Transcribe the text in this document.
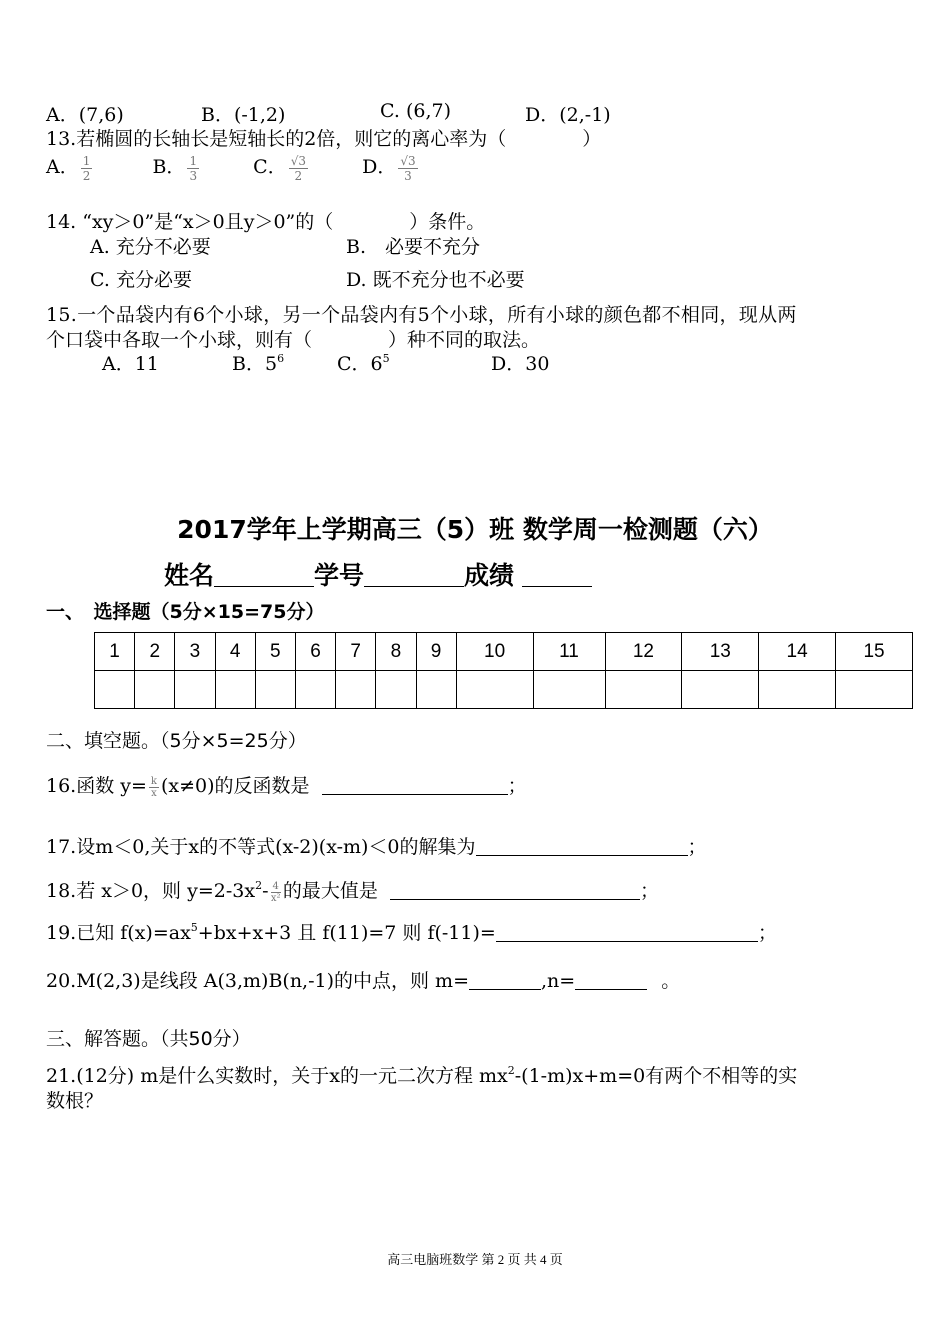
A．(7,6)	B．(-1,2)	C. (6,7)	D．(2,-1)
13.若椭圆的长轴长是短轴长的2倍，则它的离心率为（　　　　）
A． $\frac{1}{2}$	B． $\frac{1}{3}$	C． $\frac{√3}{2}$	D． $\frac{√3}{3}$
14. “xy＞0”是“x＞0且y＞0”的（　　　　）条件。
A. 充分不必要	B.　必要不充分
C. 充分必要	D. 既不充分也不必要
15.一个品袋内有6个小球，另一个品袋内有5个小球，所有小球的颜色都不相同，现从两
个口袋中各取一个小球，则有（　　　　）种不同的取法。
A．11	B．$5^6$	C．$6^5$	D．30
2017学年上学期高三（5）班 数学周一检测题（六）
姓名	学号	成绩
一、　选择题（5分×15=75分）
1	2	3	4	5	6	7	8	9	10	11	12	13	14	15

二、填空题。（5分×5=25分）
16.函数 $y= \frac{k}{x} (x\ne 0)$的反函数是	；
17.设m＜0,关于x的不等式(x-2)(x-m)＜0的解集为	；
18.若 x＞0，则 $y=2-3x^2- \frac{4}{\text{x²}}$ 的最大值是	；
19.已知 $f(x)=ax^5+bx+x+3$ 且 f(11)=7 则 f(-11)=	；
20.M(2,3)是线段 A(3,m)B(n,-1)的中点，则 m=	,n=	。
三、解答题。（共50分）
21.(12分) m是什么实数时，关于x的一元二次方程 $mx^2-(1-m)x+m=0$有两个不相等的实
数根？
高三电脑班数学 第 2 页 共 4 页
